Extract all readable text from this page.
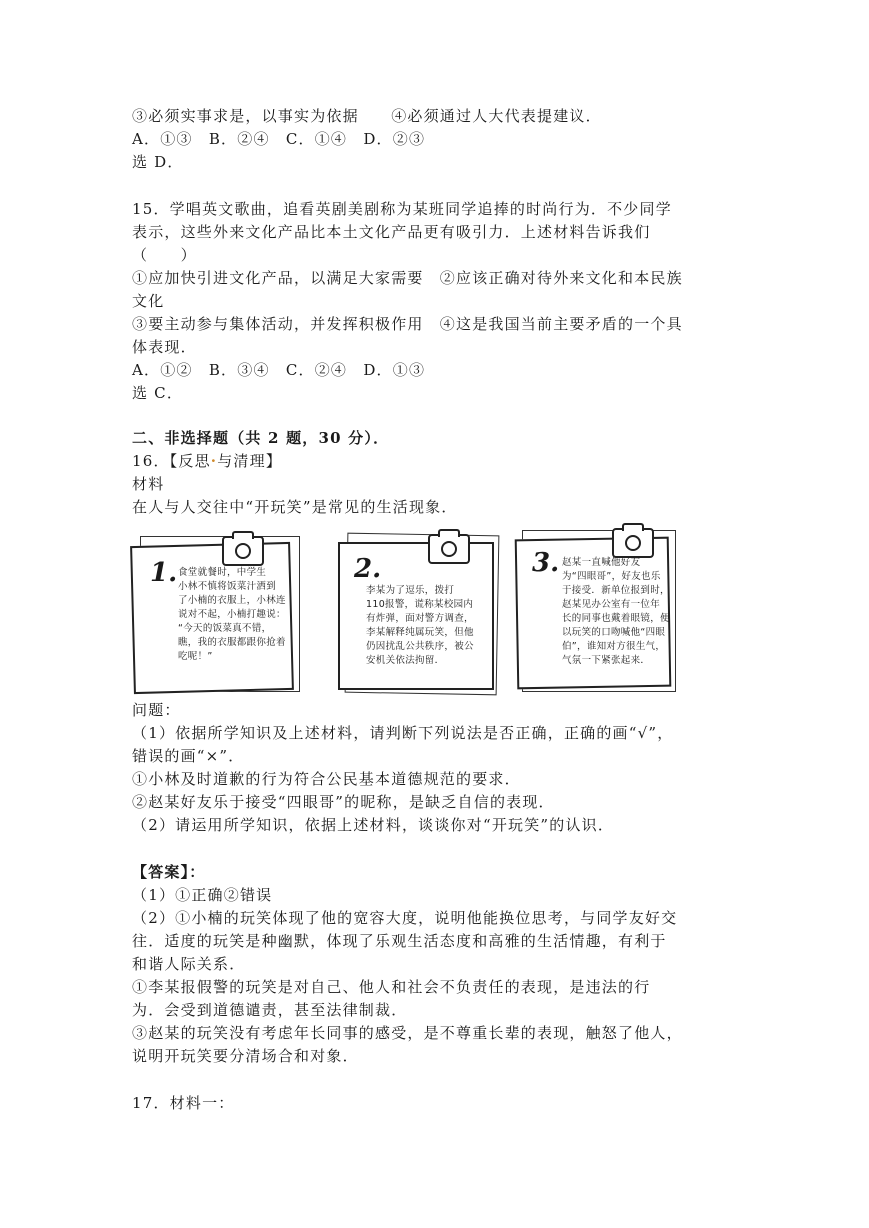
③必须实事求是，以事实为依据　　④必须通过人大代表提建议．
A．①③　B．②④　C．①④　D．②③
选 D．
15．学唱英文歌曲，追看英剧美剧称为某班同学追捧的时尚行为．不少同学
表示，这些外来文化产品比本土文化产品更有吸引力．上述材料告诉我们
（　　）
①应加快引进文化产品，以满足大家需要　②应该正确对待外来文化和本民族
文化
③要主动参与集体活动，并发挥积极作用　④这是我国当前主要矛盾的一个具
体表现．
A．①②　B．③④　C．②④　D．①③
选 C．
二、非选择题（共 2 题，30 分）．
16．【反思·与清理】
材料
在人与人交往中“开玩笑”是常见的生活现象．
1. 食堂就餐时，中学生
小林不慎将饭菜汁洒到
了小楠的衣服上，小林连
说对不起，小楠打趣说：
“今天的饭菜真不错，
瞧，我的衣服都跟你抢着
吃呢！”
2.
李某为了逗乐，拨打
110报警，谎称某校园内
有炸弹，面对警方调查，
李某解释纯属玩笑，但他
仍因扰乱公共秩序，被公
安机关依法拘留．
3. 赵某一直喊他好友
为“四眼哥”，好友也乐
于接受．新单位报到时，
赵某见办公室有一位年
长的同事也戴着眼镜，便
以玩笑的口吻喊他“四眼
伯”，谁知对方很生气，
气氛一下紧张起来．
问题：
（1）依据所学知识及上述材料，请判断下列说法是否正确，正确的画“√”，
错误的画“×”．
①小林及时道歉的行为符合公民基本道德规范的要求．
②赵某好友乐于接受“四眼哥”的昵称，是缺乏自信的表现．
（2）请运用所学知识，依据上述材料，谈谈你对“开玩笑”的认识．
【答案】：
（1）①正确②错误
（2）①小楠的玩笑体现了他的宽容大度，说明他能换位思考，与同学友好交
往．适度的玩笑是种幽默，体现了乐观生活态度和高雅的生活情趣，有利于
和谐人际关系．
①李某报假警的玩笑是对自己、他人和社会不负责任的表现，是违法的行
为．会受到道德谴责，甚至法律制裁．
③赵某的玩笑没有考虑年长同事的感受，是不尊重长辈的表现，触怒了他人，
说明开玩笑要分清场合和对象．
17．材料一：
